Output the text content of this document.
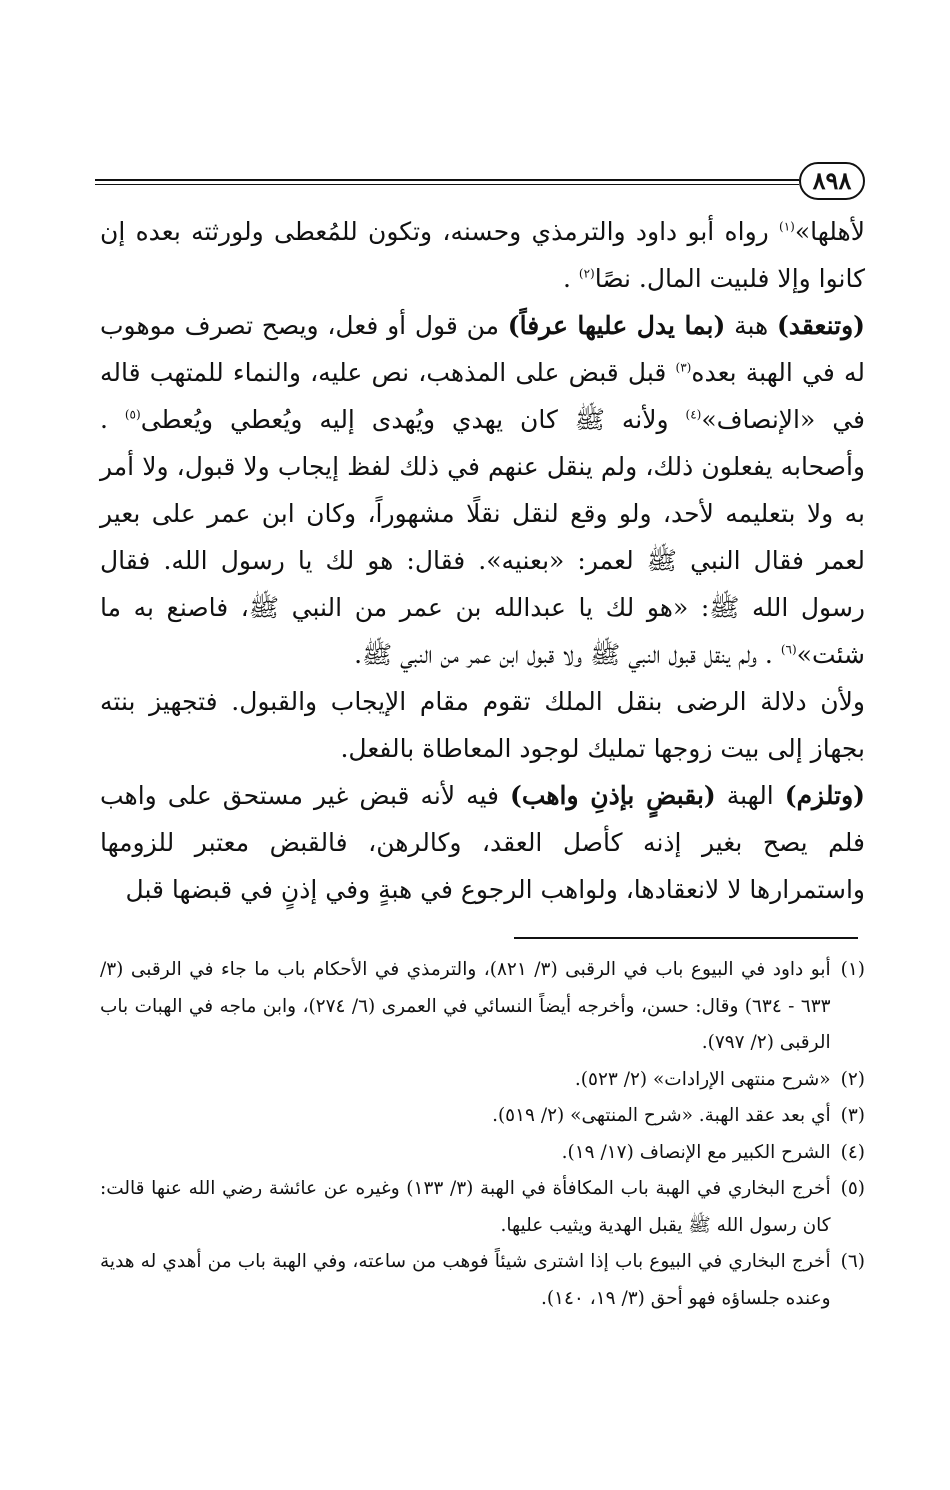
٨٩٨

لأهلها»$^{(١)}$ رواه أبو داود والترمذي وحسنه، وتكون للمُعطى ولورثته بعده إن كانوا وإلا فلبيت المال. نصًا$^{(٢)}$ .

(وتنعقد) هبة (بما يدل عليها عرفاً) من قول أو فعل، ويصح تصرف موهوب له في الهبة بعده$^{(٣)}$ قبل قبض على المذهب، نص عليه، والنماء للمتهب قاله في «الإنصاف»$^{(٤)}$ ولأنه ﷺ كان يهدي ويُهدى إليه ويُعطي ويُعطى$^{(٥)}$ . وأصحابه يفعلون ذلك، ولم ينقل عنهم في ذلك لفظ إيجاب ولا قبول، ولا أمر به ولا بتعليمه لأحد، ولو وقع لنقل نقلًا مشهوراً، وكان ابن عمر على بعير لعمر فقال النبي ﷺ لعمر: «بعنيه». فقال: هو لك يا رسول الله. فقال رسول الله ﷺ: «هو لك يا عبدالله بن عمر من النبي ﷺ، فاصنع به ما شئت»$^{(٦)}$ . ولم ينقل قبول النبي ﷺ ولا قبول ابن عمر من النبي ﷺ.

ولأن دلالة الرضى بنقل الملك تقوم مقام الإيجاب والقبول. فتجهيز بنته بجهاز إلى بيت زوجها تمليك لوجود المعاطاة بالفعل.

(وتلزم) الهبة (بقبضٍ بإذنِ واهب) فيه لأنه قبض غير مستحق على واهب فلم يصح بغير إذنه كأصل العقد، وكالرهن، فالقبض معتبر للزومها واستمرارها لا لانعقادها، ولواهب الرجوع في هبةٍ وفي إذنٍ في قبضها قبل

(١)
أبو داود في البيوع باب في الرقبى (٣/ ٨٢١)، والترمذي في الأحكام باب ما جاء في الرقبى (٣/ ٦٣٣ - ٦٣٤) وقال: حسن، وأخرجه أيضاً النسائي في العمرى (٦/ ٢٧٤)، وابن ماجه في الهبات باب الرقبى (٢/ ٧٩٧).
(٢)
«شرح منتهى الإرادات» (٢/ ٥٢٣).
(٣)
أي بعد عقد الهبة. «شرح المنتهى» (٢/ ٥١٩).
(٤)
الشرح الكبير مع الإنصاف (١٧/ ١٩).
(٥)
أخرج البخاري في الهبة باب المكافأة في الهبة (٣/ ١٣٣) وغيره عن عائشة رضي الله عنها قالت: كان رسول الله ﷺ يقبل الهدية ويثيب عليها.
(٦)
أخرج البخاري في البيوع باب إذا اشترى شيئاً فوهب من ساعته، وفي الهبة باب من أهدي له هدية وعنده جلساؤه فهو أحق (٣/ ١٩، ١٤٠).
